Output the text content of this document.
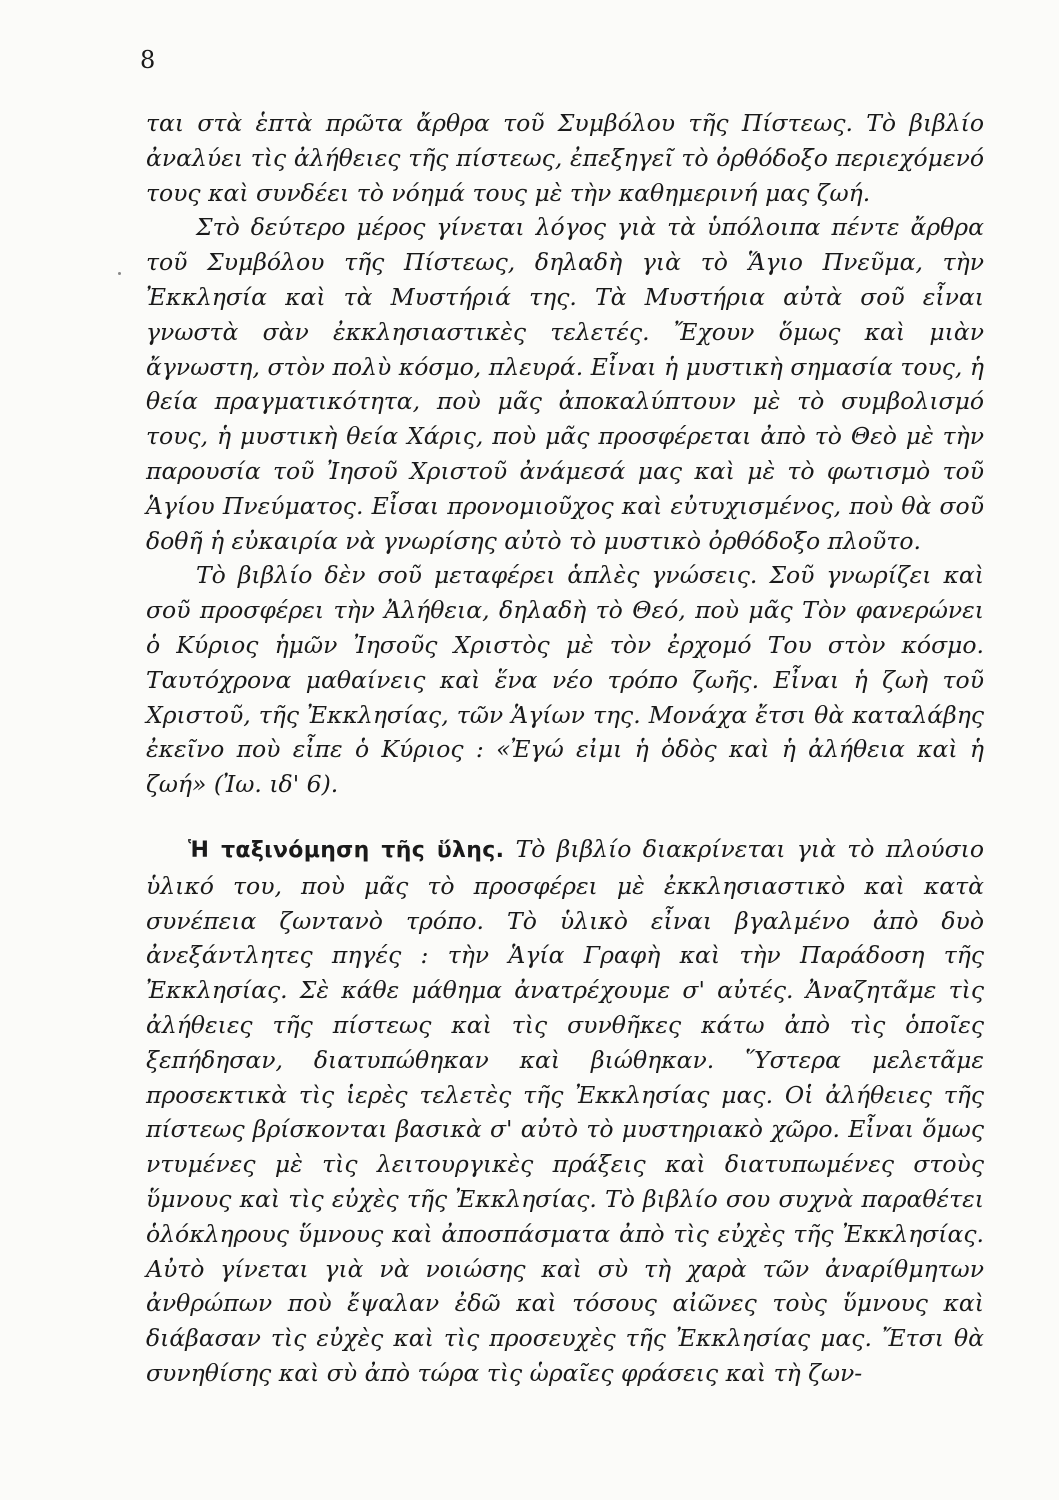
8

ται στὰ ἑπτὰ πρῶτα ἄρθρα τοῦ Συμβόλου τῆς Πίστεως. Τὸ βιβλίο ἀναλύει τὶς ἀλήθειες τῆς πίστεως, ἐπεξηγεῖ τὸ ὀρθόδοξο περιεχόμενό τους καὶ συνδέει τὸ νόημά τους μὲ τὴν καθημερινή μας ζωή.

Στὸ δεύτερο μέρος γίνεται λόγος γιὰ τὰ ὑπόλοιπα πέντε ἄρθρα τοῦ Συμβόλου τῆς Πίστεως, δηλαδὴ γιὰ τὸ Ἅγιο Πνεῦμα, τὴν Ἐκκλησία καὶ τὰ Μυστήριά της. Τὰ Μυστήρια αὐτὰ σοῦ εἶναι γνωστὰ σὰν ἐκκλησιαστικὲς τελετές. Ἔχουν ὅμως καὶ μιὰν ἄγνωστη, στὸν πολὺ κόσμο, πλευρά. Εἶναι ἡ μυστικὴ σημασία τους, ἡ θεία πραγματικότητα, ποὺ μᾶς ἀποκαλύπτουν μὲ τὸ συμβολισμό τους, ἡ μυστικὴ θεία Χάρις, ποὺ μᾶς προσφέρεται ἀπὸ τὸ Θεὸ μὲ τὴν παρουσία τοῦ Ἰησοῦ Χριστοῦ ἀνάμεσά μας καὶ μὲ τὸ φωτισμὸ τοῦ Ἁγίου Πνεύματος. Εἶσαι προνομιοῦχος καὶ εὐτυχισμένος, ποὺ θὰ σοῦ δοθῆ ἡ εὐκαιρία νὰ γνωρίσης αὐτὸ τὸ μυστικὸ ὀρθόδοξο πλοῦτο.

Τὸ βιβλίο δὲν σοῦ μεταφέρει ἁπλὲς γνώσεις. Σοῦ γνωρίζει καὶ σοῦ προσφέρει τὴν Ἀλήθεια, δηλαδὴ τὸ Θεό, ποὺ μᾶς Τὸν φανερώνει ὁ Κύριος ἡμῶν Ἰησοῦς Χριστὸς μὲ τὸν ἐρχομό Του στὸν κόσμο. Ταυτόχρονα μαθαίνεις καὶ ἕνα νέο τρόπο ζωῆς. Εἶναι ἡ ζωὴ τοῦ Χριστοῦ, τῆς Ἐκκλησίας, τῶν Ἁγίων της. Μονάχα ἔτσι θὰ καταλάβης ἐκεῖνο ποὺ εἶπε ὁ Κύριος : «Ἐγώ εἰμι ἡ ὁδὸς καὶ ἡ ἀλήθεια καὶ ἡ ζωή» (Ἰω. ιδ' 6).

Ἡ ταξινόμηση τῆς ὕλης. Τὸ βιβλίο διακρίνεται γιὰ τὸ πλούσιο ὑλικό του, ποὺ μᾶς τὸ προσφέρει μὲ ἐκκλησιαστικὸ καὶ κατὰ συνέπεια ζωντανὸ τρόπο. Τὸ ὑλικὸ εἶναι βγαλμένο ἀπὸ δυὸ ἀνεξάντλητες πηγές : τὴν Ἁγία Γραφὴ καὶ τὴν Παράδοση τῆς Ἐκκλησίας. Σὲ κάθε μάθημα ἀνατρέχουμε σ' αὐτές. Ἀναζητᾶμε τὶς ἀλήθειες τῆς πίστεως καὶ τὶς συνθῆκες κάτω ἀπὸ τὶς ὁποῖες ξεπήδησαν, διατυπώθηκαν καὶ βιώθηκαν. Ὕστερα μελετᾶμε προσεκτικὰ τὶς ἱερὲς τελετὲς τῆς Ἐκκλησίας μας. Οἱ ἀλήθειες τῆς πίστεως βρίσκονται βασικὰ σ' αὐτὸ τὸ μυστηριακὸ χῶρο. Εἶναι ὅμως ντυμένες μὲ τὶς λειτουργικὲς πράξεις καὶ διατυπωμένες στοὺς ὕμνους καὶ τὶς εὐχὲς τῆς Ἐκκλησίας. Τὸ βιβλίο σου συχνὰ παραθέτει ὁλόκληρους ὕμνους καὶ ἀποσπάσματα ἀπὸ τὶς εὐχὲς τῆς Ἐκκλησίας. Αὐτὸ γίνεται γιὰ νὰ νοιώσης καὶ σὺ τὴ χαρὰ τῶν ἀναρίθμητων ἀνθρώπων ποὺ ἔψαλαν ἐδῶ καὶ τόσους αἰῶνες τοὺς ὕμνους καὶ διάβασαν τὶς εὐχὲς καὶ τὶς προσευχὲς τῆς Ἐκκλησίας μας. Ἔτσι θὰ συνηθίσης καὶ σὺ ἀπὸ τώρα τὶς ὡραῖες φράσεις καὶ τὴ ζων-
